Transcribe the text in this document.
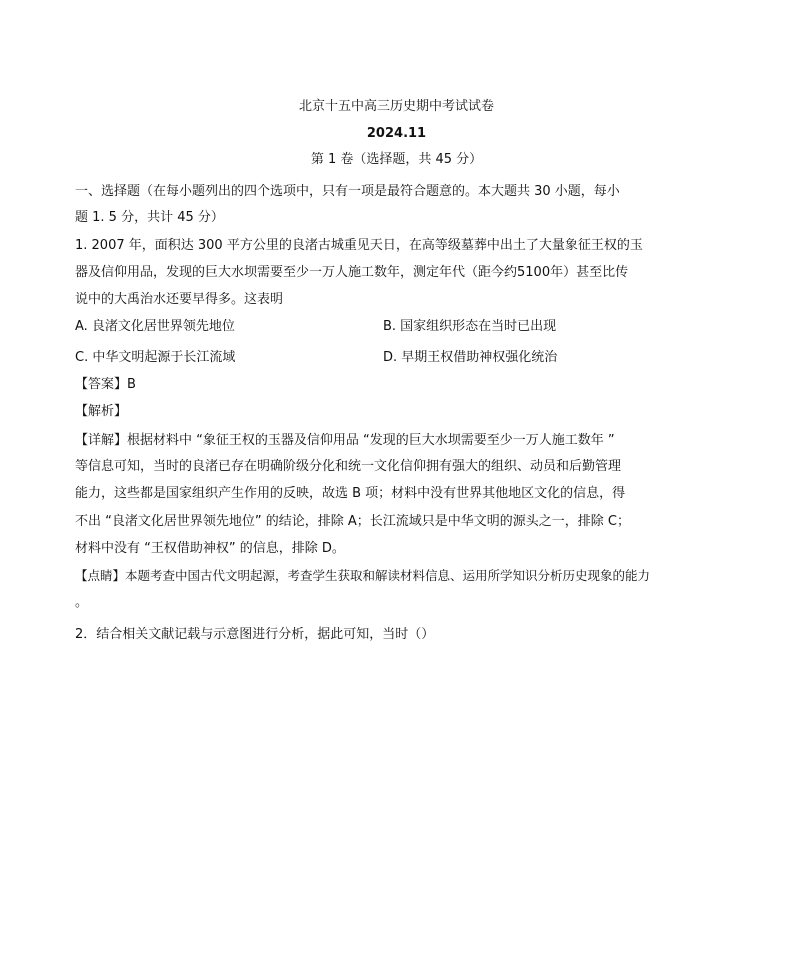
北京十五中高三历史期中考试试卷
2024.11
第 1 卷（选择题，共 45 分）
一、选择题（在每小题列出的四个选项中，只有一项是最符合题意的。本大题共 30 小题，每小
题 1. 5 分，共计 45 分）
1. 2007 年，面积达 300 平方公里的良渚古城重见天日，在高等级墓葬中出土了大量象征王权的玉
器及信仰用品，发现的巨大水坝需要至少一万人施工数年，测定年代（距今约5100年）甚至比传
说中的大禹治水还要早得多。这表明
A. 良渚文化居世界领先地位	B. 国家组织形态在当时已出现
C. 中华文明起源于长江流域	D. 早期王权借助神权强化统治
【答案】B
【解析】
【详解】根据材料中 “象征王权的玉器及信仰用品 “发现的巨大水坝需要至少一万人施工数年 ”
等信息可知，当时的良渚已存在明确阶级分化和统一文化信仰拥有强大的组织、动员和后勤管理
能力，这些都是国家组织产生作用的反映，故选 B 项；材料中没有世界其他地区文化的信息，得
不出 “良渚文化居世界领先地位” 的结论，排除 A；长江流域只是中华文明的源头之一，排除 C；
材料中没有 “王权借助神权” 的信息，排除 D。
【点睛】本题考查中国古代文明起源，考查学生获取和解读材料信息、运用所学知识分析历史现象的能力
。
2．结合相关文献记载与示意图进行分析，据此可知，当时（）
